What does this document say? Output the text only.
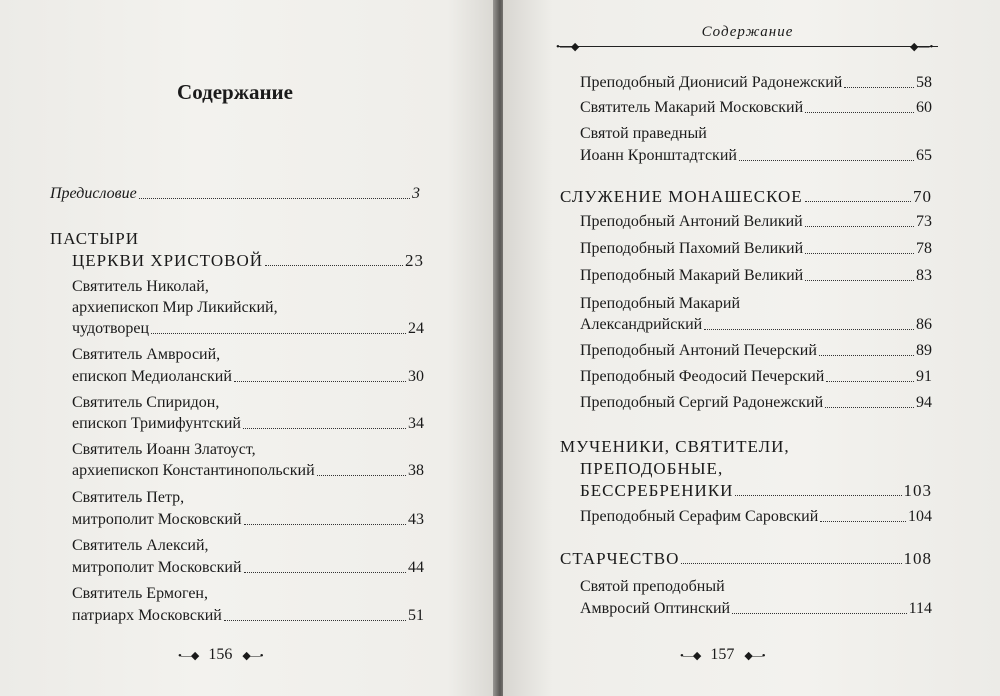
Содержание
Предисловие	3
ПАСТЫРИ
ЦЕРКВИ ХРИСТОВОЙ	23
Святитель Николай,
архиепископ Мир Ликийский,
чудотворец	24
Святитель Амвросий,
епископ Медиоланский	30
Святитель Спиридон,
епископ Тримифунтский	34
Святитель Иоанн Златоуст,
архиепископ Константинопольский	38
Святитель Петр,
митрополит Московский	43
Святитель Алексий,
митрополит Московский	44
Святитель Ермоген,
патриарх Московский	51
•—◆ 156 ◆—•
Содержание
•—◆	◆—•
Преподобный Дионисий Радонежский	58
Святитель Макарий Московский	60
Святой праведный
Иоанн Кронштадтский	65
СЛУЖЕНИЕ МОНАШЕСКОЕ	70
Преподобный Антоний Великий	73
Преподобный Пахомий Великий	78
Преподобный Макарий Великий	83
Преподобный Макарий
Александрийский	86
Преподобный Антоний Печерский	89
Преподобный Феодосий Печерский	91
Преподобный Сергий Радонежский	94
МУЧЕНИКИ, СВЯТИТЕЛИ,
ПРЕПОДОБНЫЕ,
БЕССРЕБРЕНИКИ	103
Преподобный Серафим Саровский	104
СТАРЧЕСТВО	108
Святой преподобный
Амвросий Оптинский	114
•—◆ 157 ◆—•
